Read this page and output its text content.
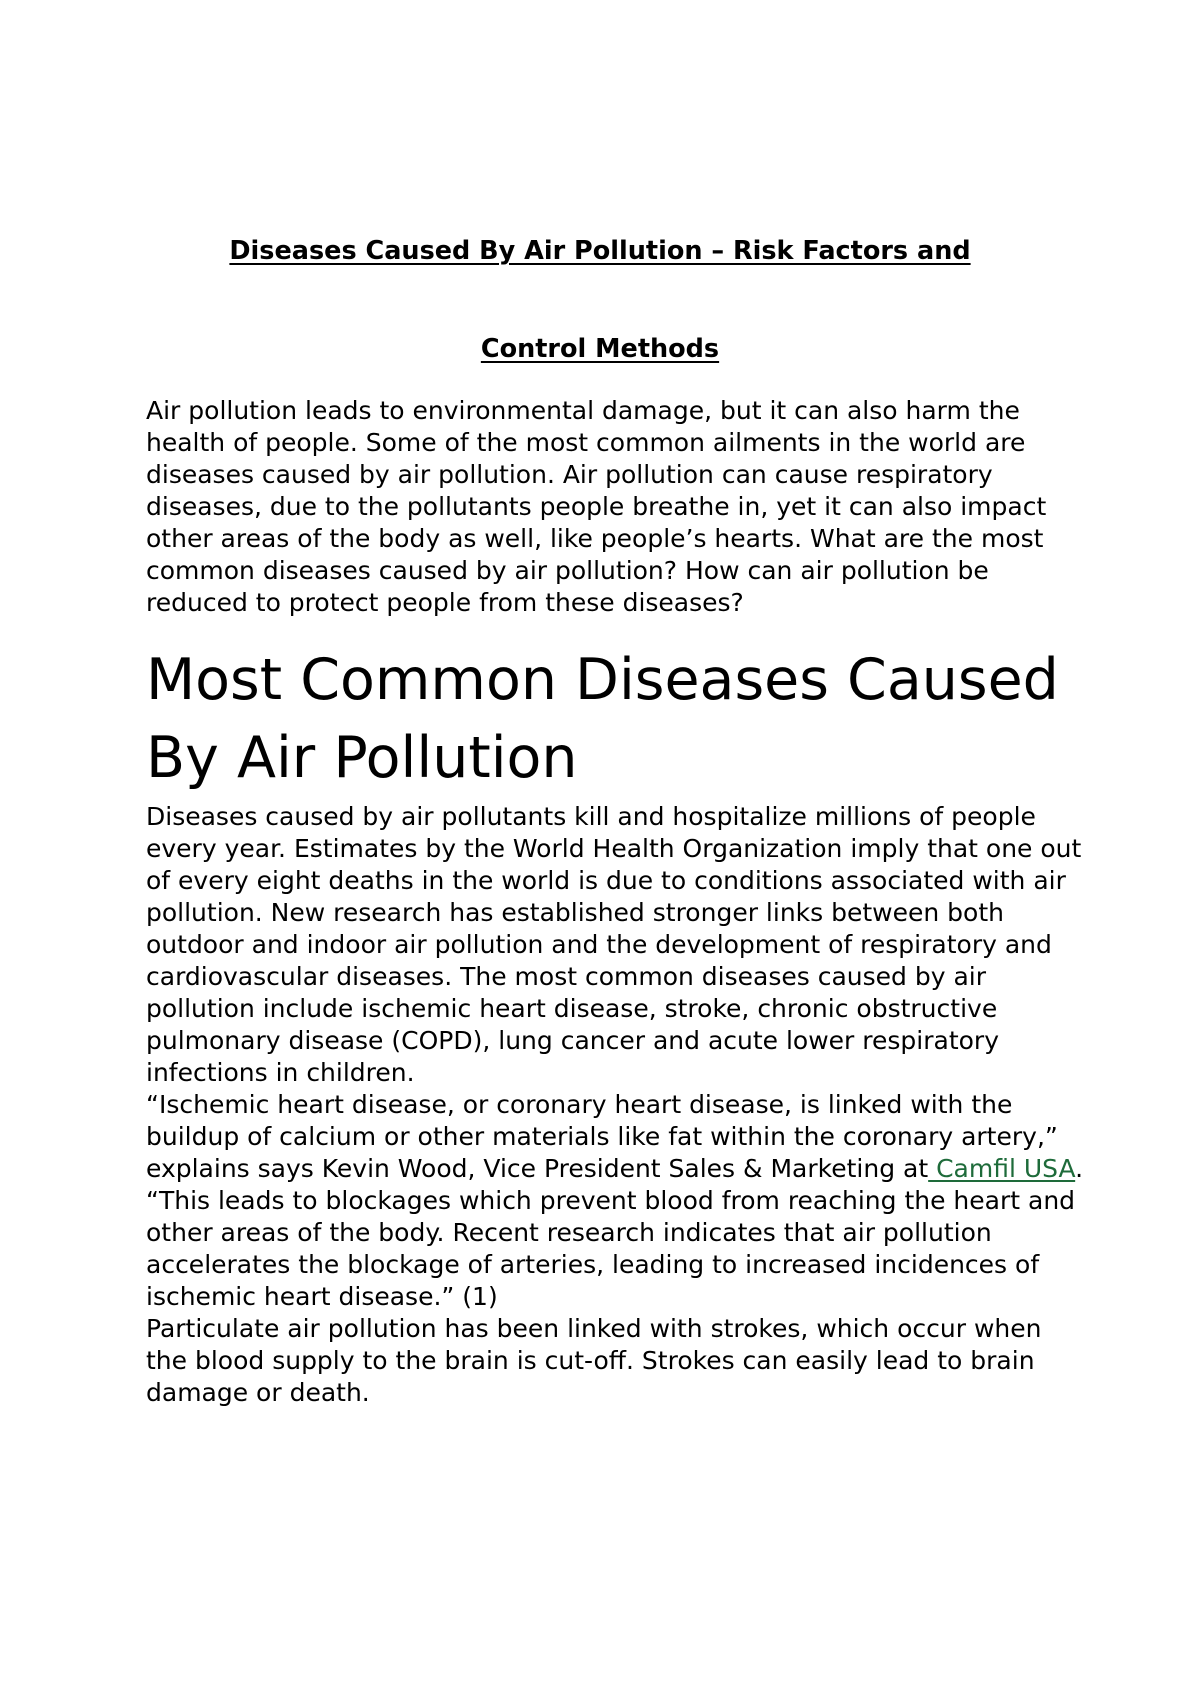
Diseases Caused By Air Pollution – Risk Factors and
Control Methods

Air pollution leads to environmental damage, but it can also harm the health of people. Some of the most common ailments in the world are diseases caused by air pollution. Air pollution can cause respiratory diseases, due to the pollutants people breathe in, yet it can also impact other areas of the body as well, like people’s hearts. What are the most common diseases caused by air pollution? How can air pollution be reduced to protect people from these diseases?

Most Common Diseases Caused By Air Pollution

Diseases caused by air pollutants kill and hospitalize millions of people every year. Estimates by the World Health Organization imply that one out of every eight deaths in the world is due to conditions associated with air pollution. New research has established stronger links between both outdoor and indoor air pollution and the development of respiratory and cardiovascular diseases. The most common diseases caused by air pollution include ischemic heart disease, stroke, chronic obstructive pulmonary disease (COPD), lung cancer and acute lower respiratory infections in children.

“Ischemic heart disease, or coronary heart disease, is linked with the buildup of calcium or other materials like fat within the coronary artery,” explains says Kevin Wood, Vice President Sales & Marketing at Camfil USA. “This leads to blockages which prevent blood from reaching the heart and other areas of the body. Recent research indicates that air pollution accelerates the blockage of arteries, leading to increased incidences of ischemic heart disease.” (1)

Particulate air pollution has been linked with strokes, which occur when the blood supply to the brain is cut-off. Strokes can easily lead to brain damage or death.
